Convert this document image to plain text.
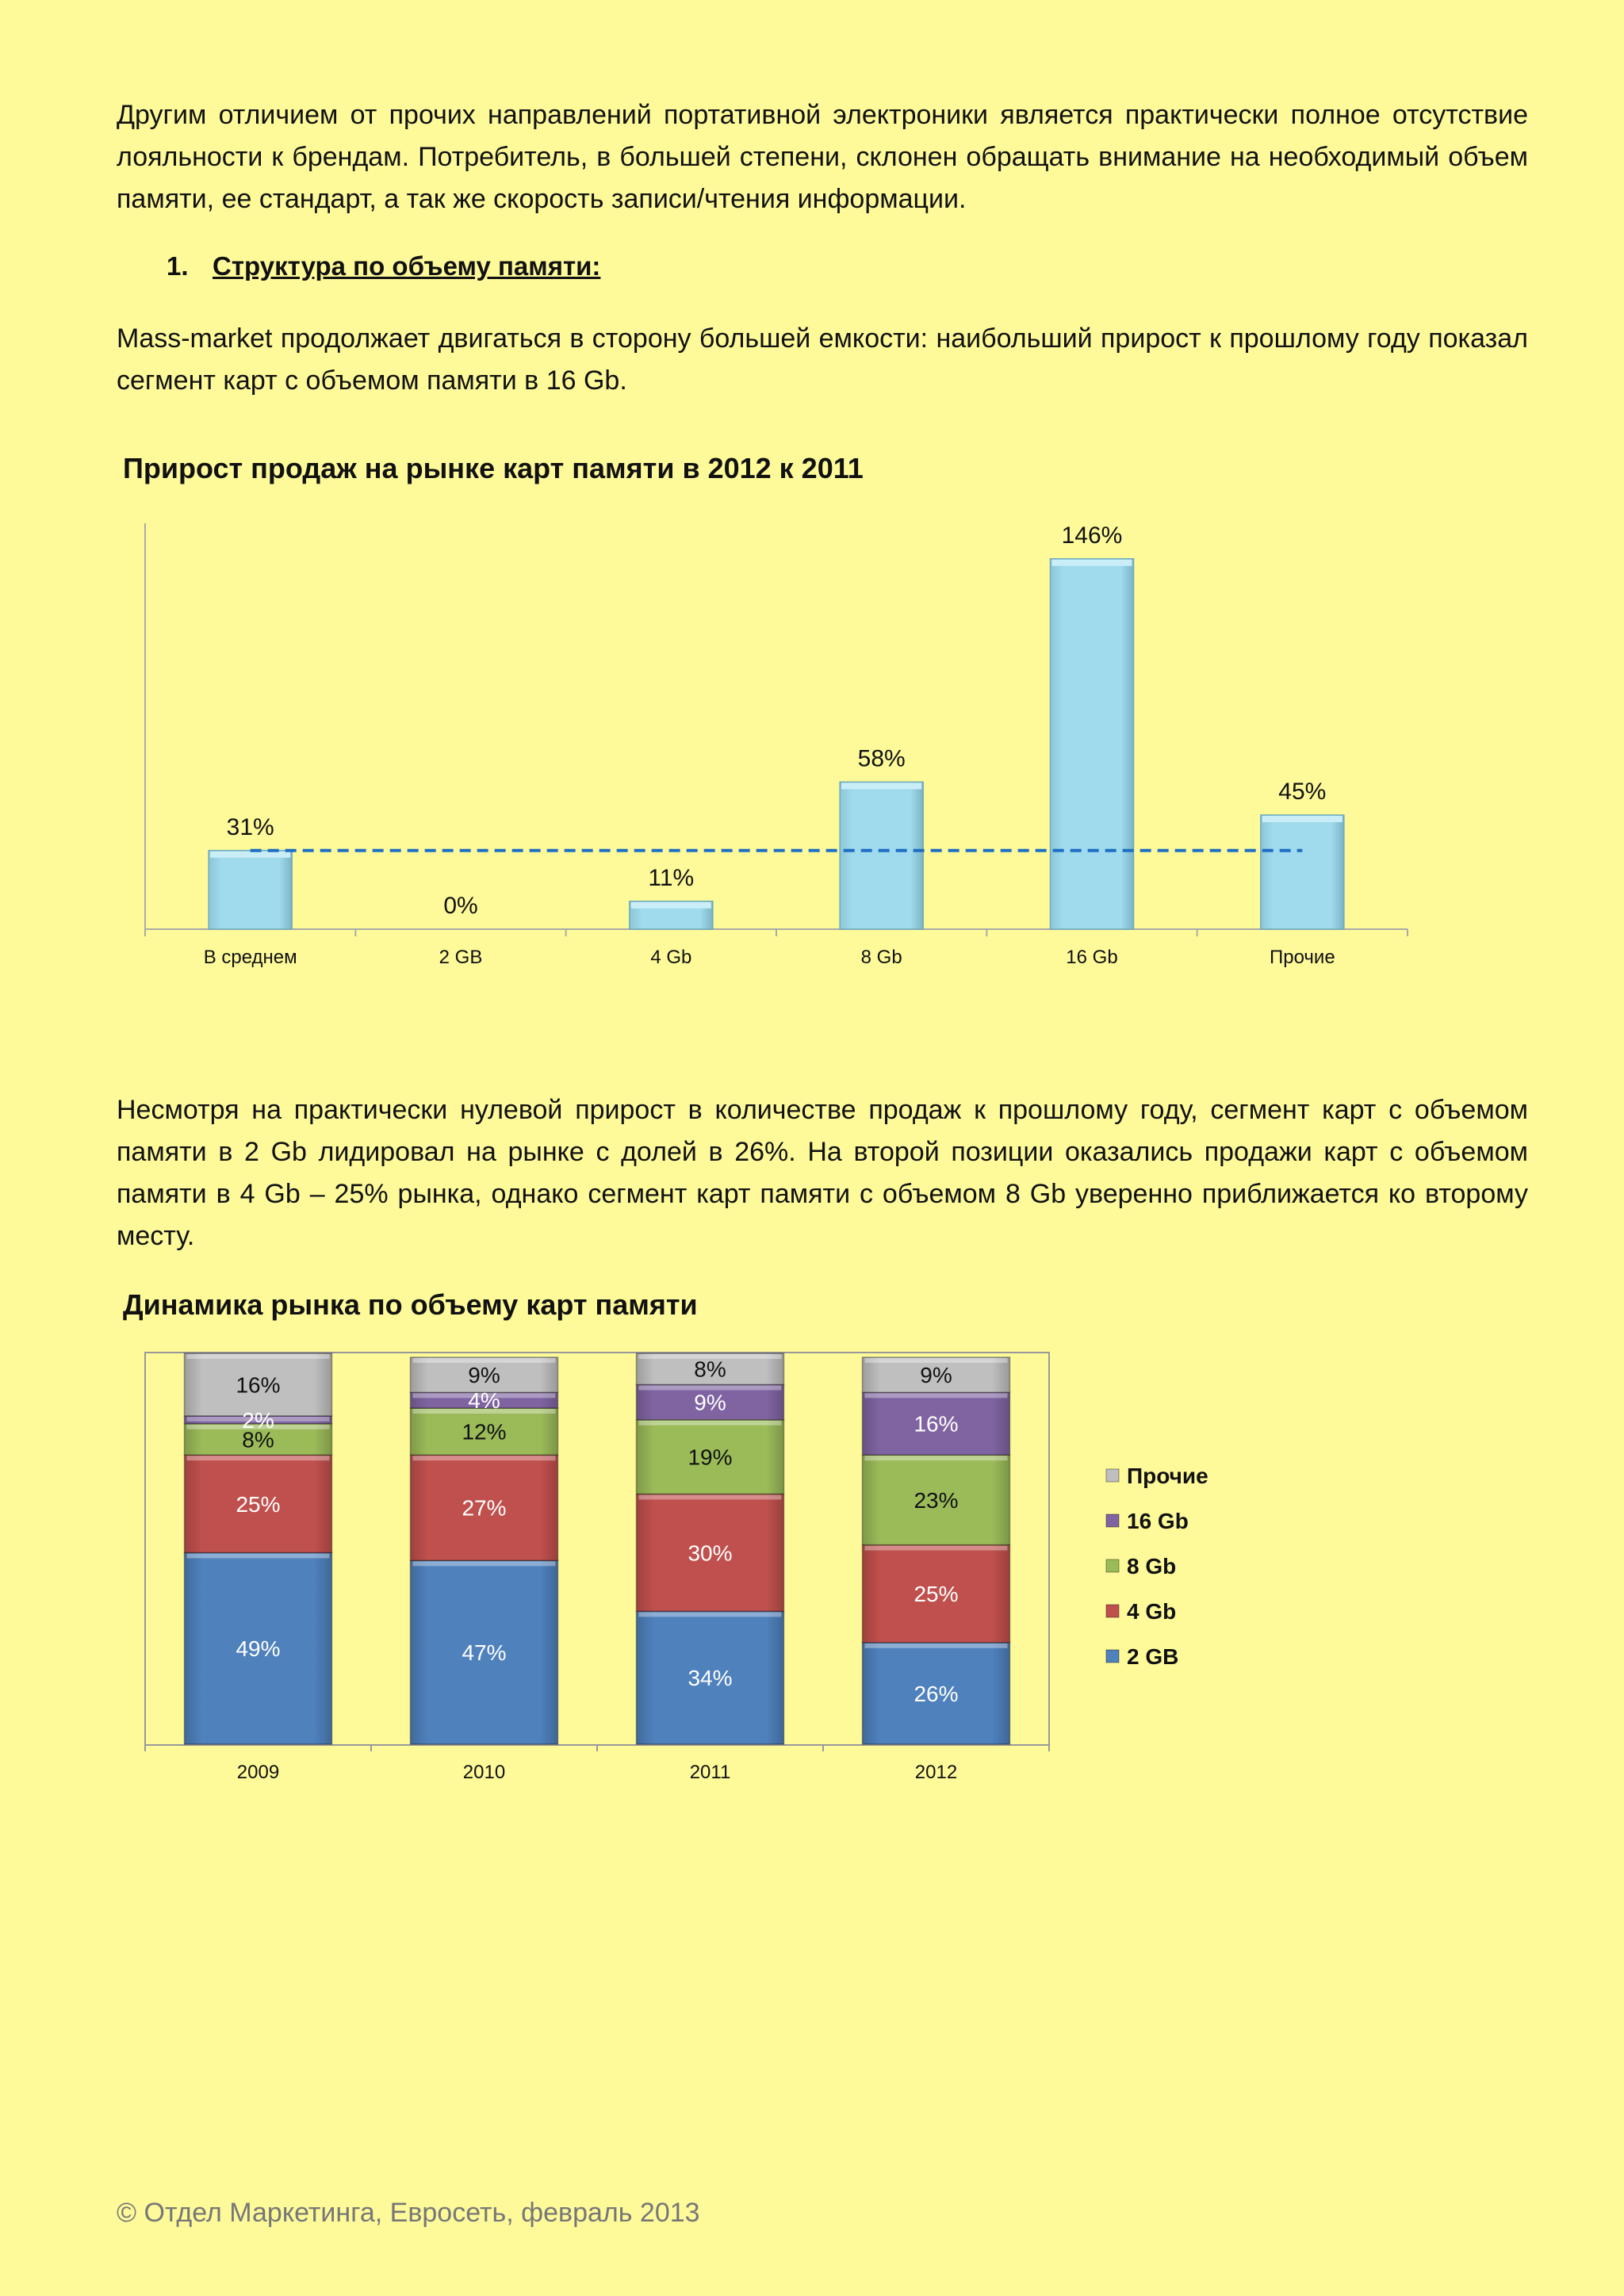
Другим отличием от прочих направлений портативной электроники является практически полное отсутствие лояльности к брендам. Потребитель, в большей степени, склонен обращать внимание на необходимый объем памяти, ее стандарт, а так же скорость записи/чтения информации.

1. Структура по объему памяти:

Mass-market продолжает двигаться в сторону большей емкости: наибольший прирост к прошлому году показал сегмент карт с объемом памяти в 16 Gb.

Прирост продаж на рынке карт памяти в 2012 к 2011
31%
0%
11%
58%
146%
45%
В среднем	2 GB	4 Gb	8 Gb	16 Gb	Прочие

Несмотря на практически нулевой прирост в количестве продаж к прошлому году, сегмент карт с объемом памяти в 2 Gb лидировал на рынке с долей в 26%. На второй позиции оказались продажи карт с объемом памяти в 4 Gb – 25% рынка, однако сегмент карт памяти с объемом 8 Gb уверенно приближается ко второму месту.

Динамика рынка по объему карт памяти
49%
25%
8%
2%
16%
47%
27%
12%
4%
9%
34%
30%
19%
9%
8%
26%
25%
23%
16%
9%
2009	2010	2011	2012
Прочие
16 Gb
8 Gb
4 Gb
2 GB

© Отдел Маркетинга, Евросеть, февраль 2013
